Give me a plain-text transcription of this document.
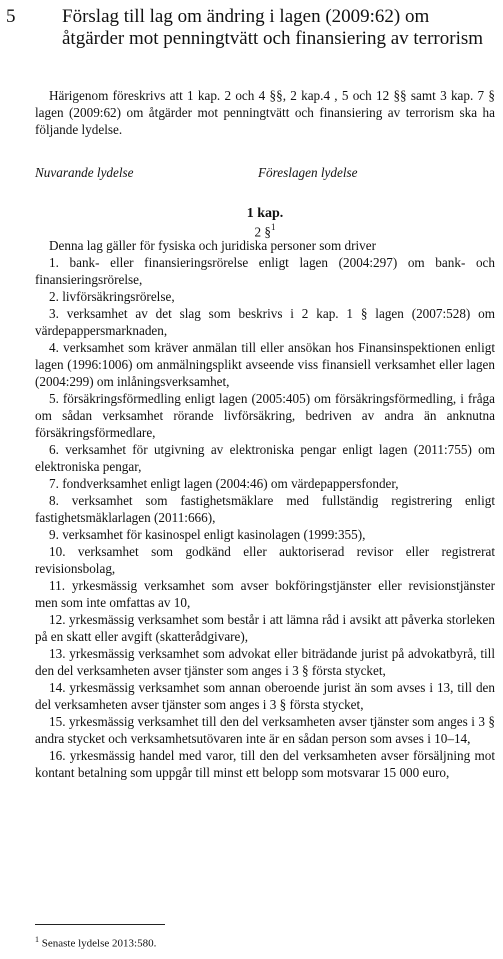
5 Förslag till lag om ändring i lagen (2009:62) om åtgärder mot penningtvätt och finansiering av terrorism

Härigenom föreskrivs att 1 kap. 2 och 4 §§, 2 kap.4 , 5 och 12 §§ samt 3 kap. 7 § lagen (2009:62) om åtgärder mot penningtvätt och finansiering av terrorism ska ha följande lydelse.

Nuvarande lydelse	Föreslagen lydelse
1 kap.
2 §$^1$

Denna lag gäller för fysiska och juridiska personer som driver

1. bank- eller finansieringsrörelse enligt lagen (2004:297) om bank- och finansieringsrörelse,

2. livförsäkringsrörelse,

3. verksamhet av det slag som beskrivs i 2 kap. 1 § lagen (2007:528) om värdepappersmarknaden,

4. verksamhet som kräver anmälan till eller ansökan hos Finansinspektionen enligt lagen (1996:1006) om anmälningsplikt avseende viss finansiell verksamhet eller lagen (2004:299) om inlåningsverksamhet,

5. försäkringsförmedling enligt lagen (2005:405) om försäkringsförmedling, i fråga om sådan verksamhet rörande livförsäkring, bedriven av andra än anknutna försäkringsförmedlare,

6. verksamhet för utgivning av elektroniska pengar enligt lagen (2011:755) om elektroniska pengar,

7. fondverksamhet enligt lagen (2004:46) om värdepappersfonder,

8. verksamhet som fastighetsmäklare med fullständig registrering enligt fastighetsmäklarlagen (2011:666),

9. verksamhet för kasinospel enligt kasinolagen (1999:355),

10. verksamhet som godkänd eller auktoriserad revisor eller registrerat revisionsbolag,

11. yrkesmässig verksamhet som avser bokföringstjänster eller revisionstjänster men som inte omfattas av 10,

12. yrkesmässig verksamhet som består i att lämna råd i avsikt att påverka storleken på en skatt eller avgift (skatterådgivare),

13. yrkesmässig verksamhet som advokat eller biträdande jurist på advokatbyrå, till den del verksamheten avser tjänster som anges i 3 § första stycket,

14. yrkesmässig verksamhet som annan oberoende jurist än som avses i 13, till den del verksamheten avser tjänster som anges i 3 § första stycket,

15. yrkesmässig verksamhet till den del verksamheten avser tjänster som anges i 3 § andra stycket och verksamhetsutövaren inte är en sådan person som avses i 10–14,

16. yrkesmässig handel med varor, till den del verksamheten avser försäljning mot kontant betalning som uppgår till minst ett belopp som motsvarar 15 000 euro,

$^1$ Senaste lydelse 2013:580.
